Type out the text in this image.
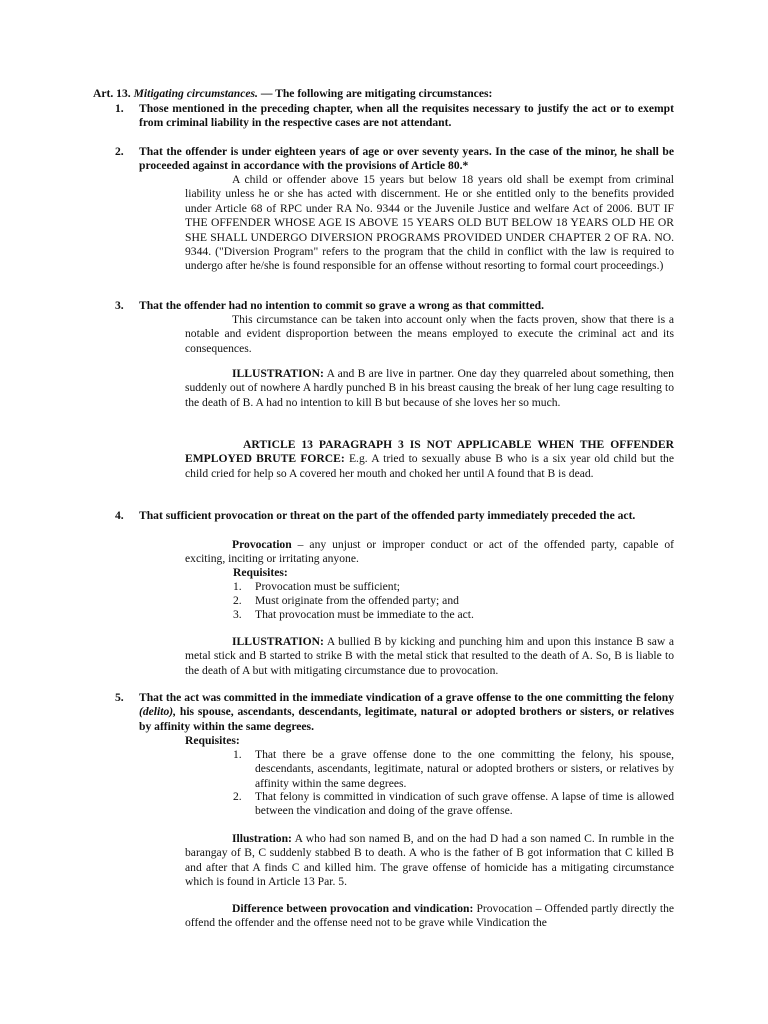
Art. 13. Mitigating circumstances. — The following are mitigating circumstances:
1. Those mentioned in the preceding chapter, when all the requisites necessary to justify the act or to exempt from criminal liability in the respective cases are not attendant.
2. That the offender is under eighteen years of age or over seventy years. In the case of the minor, he shall be proceeded against in accordance with the provisions of Article 80.*
A child or offender above 15 years but below 18 years old shall be exempt from criminal liability unless he or she has acted with discernment. He or she entitled only to the benefits provided under Article 68 of RPC under RA No. 9344 or the Juvenile Justice and welfare Act of 2006. BUT IF THE OFFENDER WHOSE AGE IS ABOVE 15 YEARS OLD BUT BELOW 18 YEARS OLD HE OR SHE SHALL UNDERGO DIVERSION PROGRAMS PROVIDED UNDER CHAPTER 2 OF RA. NO. 9344. ("Diversion Program" refers to the program that the child in conflict with the law is required to undergo after he/she is found responsible for an offense without resorting to formal court proceedings.)
3. That the offender had no intention to commit so grave a wrong as that committed.
This circumstance can be taken into account only when the facts proven, show that there is a notable and evident disproportion between the means employed to execute the criminal act and its consequences.
ILLUSTRATION: A and B are live in partner. One day they quarreled about something, then suddenly out of nowhere A hardly punched B in his breast causing the break of her lung cage resulting to the death of B. A had no intention to kill B but because of she loves her so much.
ARTICLE 13 PARAGRAPH 3 IS NOT APPLICABLE WHEN THE OFFENDER EMPLOYED BRUTE FORCE: E.g. A tried to sexually abuse B who is a six year old child but the child cried for help so A covered her mouth and choked her until A found that B is dead.
4. That sufficient provocation or threat on the part of the offended party immediately preceded the act.
Provocation – any unjust or improper conduct or act of the offended party, capable of exciting, inciting or irritating anyone.
Requisites:
1. Provocation must be sufficient;
2. Must originate from the offended party; and
3. That provocation must be immediate to the act.
ILLUSTRATION: A bullied B by kicking and punching him and upon this instance B saw a metal stick and B started to strike B with the metal stick that resulted to the death of A. So, B is liable to the death of A but with mitigating circumstance due to provocation.
5. That the act was committed in the immediate vindication of a grave offense to the one committing the felony (delito), his spouse, ascendants, descendants, legitimate, natural or adopted brothers or sisters, or relatives by affinity within the same degrees.
Requisites:
1. That there be a grave offense done to the one committing the felony, his spouse, descendants, ascendants, legitimate, natural or adopted brothers or sisters, or relatives by affinity within the same degrees.
2. That felony is committed in vindication of such grave offense. A lapse of time is allowed between the vindication and doing of the grave offense.
Illustration: A who had son named B, and on the had D had a son named C. In rumble in the barangay of B, C suddenly stabbed B to death. A who is the father of B got information that C killed B and after that A finds C and killed him. The grave offense of homicide has a mitigating circumstance which is found in Article 13 Par. 5.
Difference between provocation and vindication: Provocation – Offended partly directly the offend the offender and the offense need not to be grave while Vindication the
